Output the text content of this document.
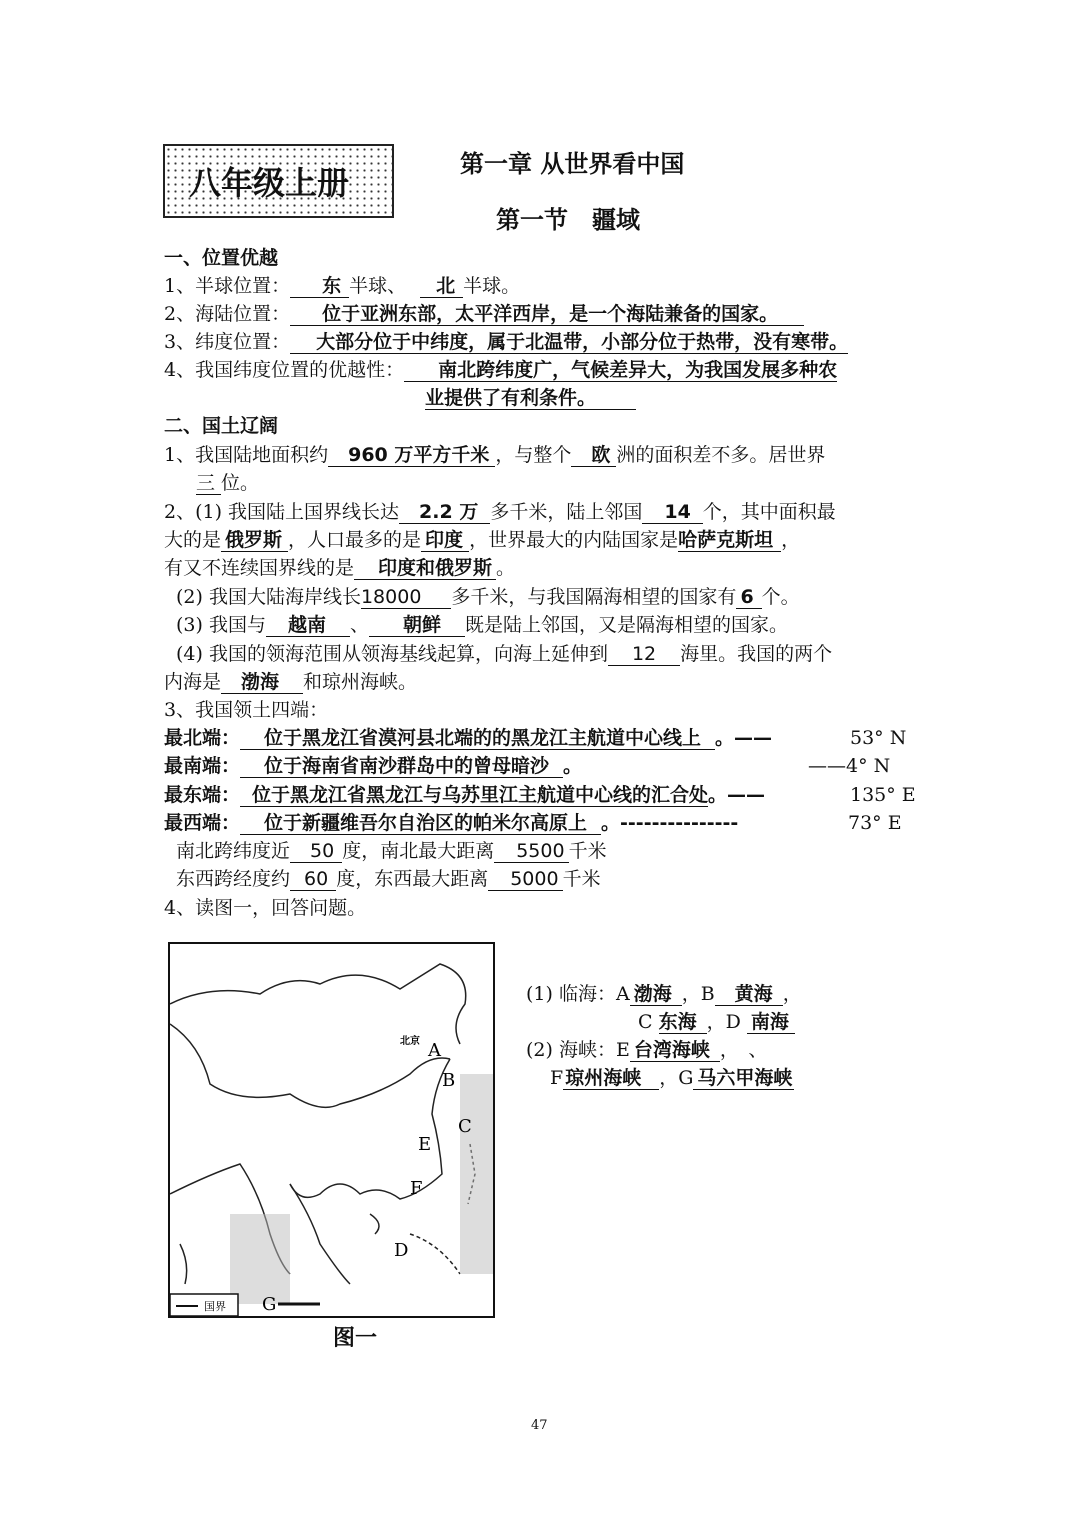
八年级上册	第一章 从世界看中国
第一节　疆域
一、位置优越
1、半球位置： 东 半球、 北 半球。
2、海陆位置： 位于亚洲东部，太平洋西岸，是一个海陆兼备的国家。
3、纬度位置： 大部分位于中纬度，属于北温带，小部分位于热带，没有寒带。
4、我国纬度位置的优越性： 南北跨纬度广，气候差异大，为我国发展多种农
业提供了有利条件。
二、国土辽阔
1、我国陆地面积约 960 万平方千米 ，与整个 欧 洲的面积差不多。居世界
三 位。
2、(1) 我国陆上国界线长达 2.2 万 多千米，陆上邻国 14 个，其中面积最
大的是 俄罗斯 ，人口最多的是 印度 ，世界最大的内陆国家是哈萨克斯坦 ，
有又不连续国界线的是 印度和俄罗斯 。
(2) 我国大陆海岸线长18000 多千米，与我国隔海相望的国家有 6 个。
(3) 我国与 越南 、 朝鲜 既是陆上邻国，又是隔海相望的国家。
(4) 我国的领海范围从领海基线起算，向海上延伸到 12 海里。我国的两个
内海是 渤海 和琼州海峡。
3、我国领土四端：
最北端： 位于黑龙江省漠河县北端的的黑龙江主航道中心线上 。——	53° N
最南端： 位于海南省南沙群岛中的曾母暗沙 。	——4° N
最东端： 位于黑龙江省黑龙江与乌苏里江主航道中心线的汇合处。——	135° E
最西端： 位于新疆维吾尔自治区的帕米尔高原上 。---------------	73° E
南北跨纬度近 50 度，南北最大距离 5500 千米
东西跨经度约 60 度，东西最大距离 5000 千米
4、读图一，回答问题。
北京 A
B
C
D
E
F
G
国界
图一
(1) 临海：A 渤海 ，B 黄海 ，
C 东海 ，D 南海
(2) 海峡：E 台湾海峡 ，　、
F 琼州海峡 ，G 马六甲海峡
47
